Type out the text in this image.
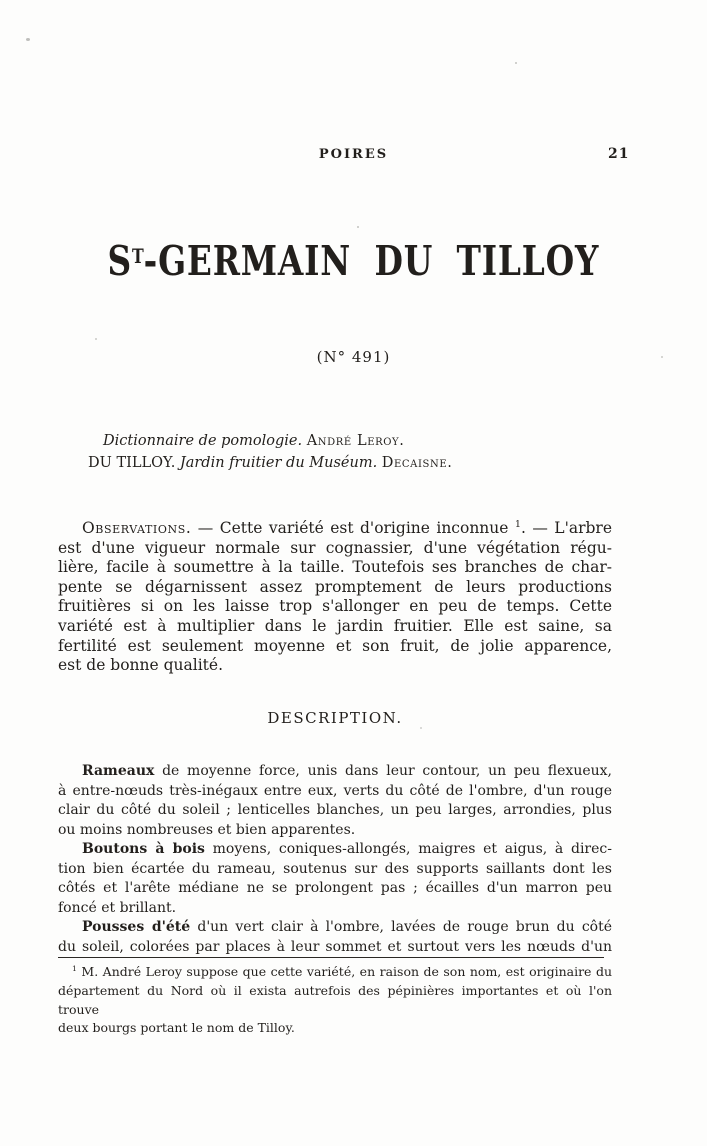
POIRES	21
$S^T$-GERMAIN DU TILLOY
(N° 491)
Dictionnaire de pomologie. André Leroy.
DU TILLOY. Jardin fruitier du Muséum. Decaisne.
Observations. — Cette variété est d'origine inconnue $^1$. — L'arbre
est d'une vigueur normale sur cognassier, d'une végétation régu-
lière, facile à soumettre à la taille. Toutefois ses branches de char-
pente se dégarnissent assez promptement de leurs productions
fruitières si on les laisse trop s'allonger en peu de temps. Cette
variété est à multiplier dans le jardin fruitier. Elle est saine, sa
fertilité est seulement moyenne et son fruit, de jolie apparence,
est de bonne qualité.
DESCRIPTION.
Rameaux de moyenne force, unis dans leur contour, un peu flexueux,
à entre-nœuds très-inégaux entre eux, verts du côté de l'ombre, d'un rouge
clair du côté du soleil ; lenticelles blanches, un peu larges, arrondies, plus
ou moins nombreuses et bien apparentes.
Boutons à bois moyens, coniques-allongés, maigres et aigus, à direc-
tion bien écartée du rameau, soutenus sur des supports saillants dont les
côtés et l'arête médiane ne se prolongent pas ; écailles d'un marron peu
foncé et brillant.
Pousses d'été d'un vert clair à l'ombre, lavées de rouge brun du côté
du soleil, colorées par places à leur sommet et surtout vers les nœuds d'un
$^1$ M. André Leroy suppose que cette variété, en raison de son nom, est originaire du
département du Nord où il exista autrefois des pépinières importantes et où l'on trouve
deux bourgs portant le nom de Tilloy.
